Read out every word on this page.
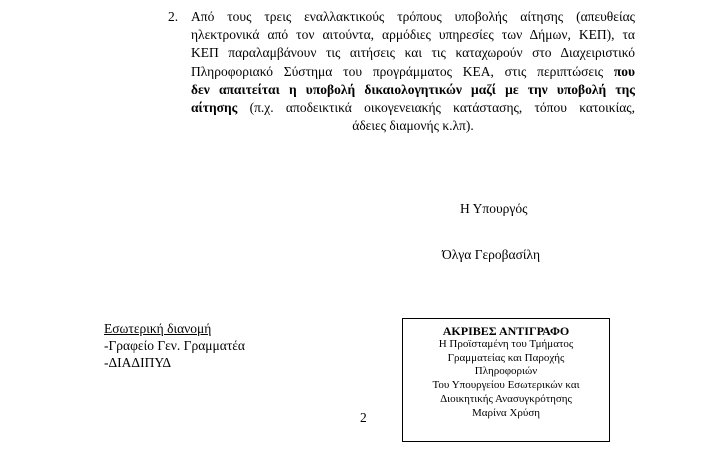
2. Από τους τρεις εναλλακτικούς τρόπους υποβολής αίτησης (απευθείας
ηλεκτρονικά από τον αιτούντα, αρμόδιες υπηρεσίες των Δήμων, ΚΕΠ), τα
ΚΕΠ παραλαμβάνουν τις αιτήσεις και τις καταχωρούν στο Διαχειριστικό
Πληροφοριακό Σύστημα του προγράμματος ΚΕΑ, στις περιπτώσεις που
δεν απαιτείται η υποβολή δικαιολογητικών μαζί με την υποβολή της
αίτησης (π.χ. αποδεικτικά οικογενειακής κατάστασης, τόπου κατοικίας,
άδειες διαμονής κ.λπ).

Η Υπουργός
Όλγα Γεροβασίλη
Εσωτερική διανομή
-Γραφείο Γεν. Γραμματέα
-ΔΙΑΔΙΠΥΔ
2
ΑΚΡΙΒΕΣ ΑΝΤΙΓΡΑΦΟ
Η Προϊσταμένη του Τμήματος
Γραμματείας και Παροχής
Πληροφοριών
Του Υπουργείου Εσωτερικών και
Διοικητικής Ανασυγκρότησης
Μαρίνα Χρύση
